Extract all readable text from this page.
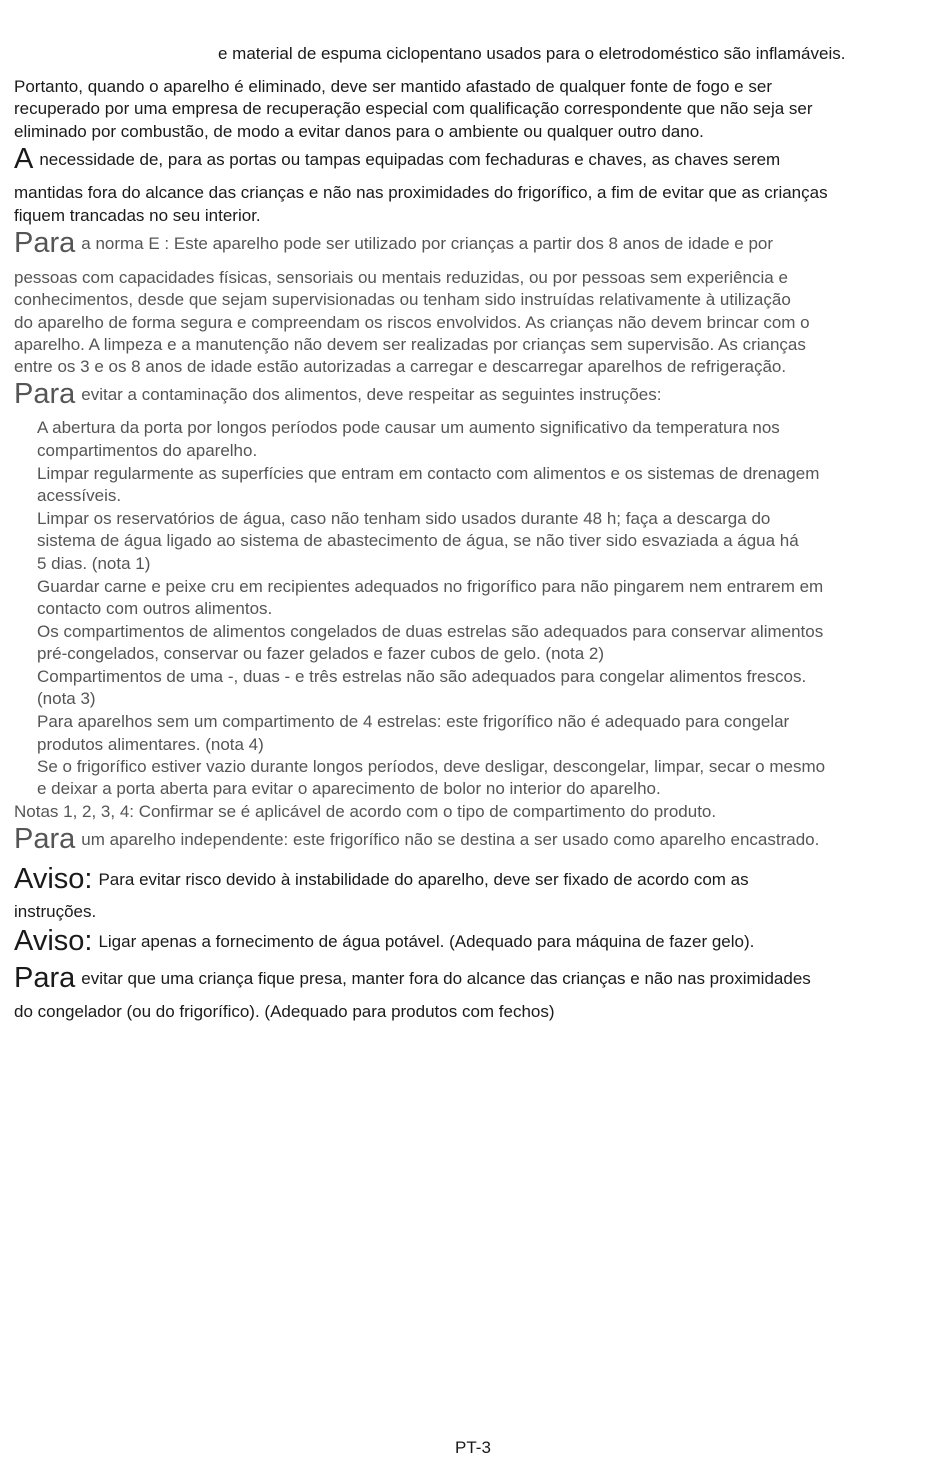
e material de espuma ciclopentano usados para o eletrodoméstico são inflamáveis.
Portanto, quando o aparelho é eliminado, deve ser mantido afastado de qualquer fonte de fogo e ser
recuperado por uma empresa de recuperação especial com qualificação correspondente que não seja ser
eliminado por combustão, de modo a evitar danos para o ambiente ou qualquer outro dano.
Anecessidade de, para as portas ou tampas equipadas com fechaduras e chaves, as chaves serem
mantidas fora do alcance das crianças e não nas proximidades do frigorífico, a fim de evitar que as crianças
fiquem trancadas no seu interior.
Para a norma E : Este aparelho pode ser utilizado por crianças a partir dos 8 anos de idade e por
pessoas com capacidades físicas, sensoriais ou mentais reduzidas, ou por pessoas sem experiência e
conhecimentos, desde que sejam supervisionadas ou tenham sido instruídas relativamente à utilização
do aparelho de forma segura e compreendam os riscos envolvidos. As crianças não devem brincar com o
aparelho. A limpeza e a manutenção não devem ser realizadas por crianças sem supervisão. As crianças
entre os 3 e os 8 anos de idade estão autorizadas a carregar e descarregar aparelhos de refrigeração.
Para evitar a contaminação dos alimentos, deve respeitar as seguintes instruções:
A abertura da porta por longos períodos pode causar um aumento significativo da temperatura nos
compartimentos do aparelho.
Limpar regularmente as superfícies que entram em contacto com alimentos e os sistemas de drenagem
acessíveis.
Limpar os reservatórios de água, caso não tenham sido usados durante 48 h; faça a descarga do
sistema de água ligado ao sistema de abastecimento de água, se não tiver sido esvaziada a água há
5 dias. (nota 1)
Guardar carne e peixe cru em recipientes adequados no frigorífico para não pingarem nem entrarem em
contacto com outros alimentos.
Os compartimentos de alimentos congelados de duas estrelas são adequados para conservar alimentos
pré-congelados, conservar ou fazer gelados e fazer cubos de gelo. (nota 2)
Compartimentos de uma -, duas - e três estrelas não são adequados para congelar alimentos frescos.
(nota 3)
Para aparelhos sem um compartimento de 4 estrelas: este frigorífico não é adequado para congelar
produtos alimentares. (nota 4)
Se o frigorífico estiver vazio durante longos períodos, deve desligar, descongelar, limpar, secar o mesmo
e deixar a porta aberta para evitar o aparecimento de bolor no interior do aparelho.
Notas 1, 2, 3, 4: Confirmar se é aplicável de acordo com o tipo de compartimento do produto.
Para um aparelho independente: este frigorífico não se destina a ser usado como aparelho encastrado.
Aviso: Para evitar risco devido à instabilidade do aparelho, deve ser fixado de acordo com as
instruções.
Aviso: Ligar apenas a fornecimento de água potável. (Adequado para máquina de fazer gelo).
Para evitar que uma criança fique presa, manter fora do alcance das crianças e não nas proximidades
do congelador (ou do frigorífico). (Adequado para produtos com fechos)
PT-3
